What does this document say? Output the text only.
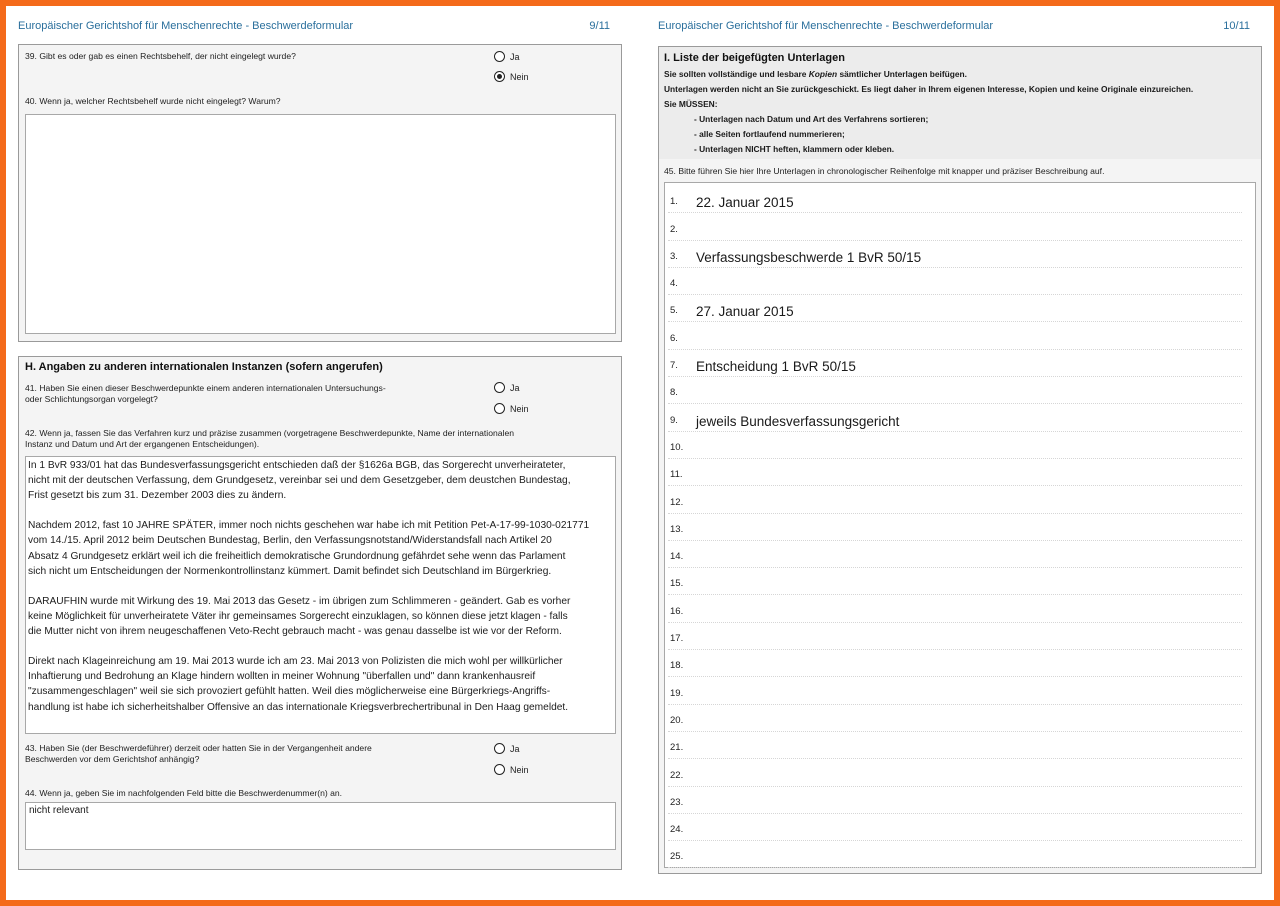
Europäischer Gerichtshof für Menschenrechte - Beschwerdeformular	9/11
39. Gibt es oder gab es einen Rechtsbehelf, der nicht eingelegt wurde?	Ja
Nein
40. Wenn ja, welcher Rechtsbehelf wurde nicht eingelegt? Warum?
H. Angaben zu anderen internationalen Instanzen (sofern angerufen)
41. Haben Sie einen dieser Beschwerdepunkte einem anderen internationalen Untersuchungs-
oder Schlichtungsorgan vorgelegt?
Ja
Nein
42. Wenn ja, fassen Sie das Verfahren kurz und präzise zusammen (vorgetragene Beschwerdepunkte, Name der internationalen
Instanz und Datum und Art der ergangenen Entscheidungen).
In 1 BvR 933/01 hat das Bundesverfassungsgericht entschieden daß der §1626a BGB, das Sorgerecht unverheirateter,
nicht mit der deutschen Verfassung, dem Grundgesetz, vereinbar sei und dem Gesetzgeber, dem deustchen Bundestag,
Frist gesetzt bis zum 31. Dezember 2003 dies zu ändern.

Nachdem 2012, fast 10 JAHRE SPÄTER, immer noch nichts geschehen war habe ich mit Petition Pet-A-17-99-1030-021771
vom 14./15. April 2012 beim Deutschen Bundestag, Berlin, den Verfassungsnotstand/Widerstandsfall nach Artikel 20
Absatz 4 Grundgesetz erklärt weil ich die freiheitlich demokratische Grundordnung gefährdet sehe wenn das Parlament
sich nicht um Entscheidungen der Normenkontrollinstanz kümmert. Damit befindet sich Deutschland im Bürgerkrieg.

DARAUFHIN wurde mit Wirkung des 19. Mai 2013 das Gesetz - im übrigen zum Schlimmeren - geändert. Gab es vorher
keine Möglichkeit für unverheiratete Väter ihr gemeinsames Sorgerecht einzuklagen, so können diese jetzt klagen - falls
die Mutter nicht von ihrem neugeschaffenen Veto-Recht gebrauch macht - was genau dasselbe ist wie vor der Reform.

Direkt nach Klageinreichung am 19. Mai 2013 wurde ich am 23. Mai 2013 von Polizisten die mich wohl per willkürlicher
Inhaftierung und Bedrohung an Klage hindern wollten in meiner Wohnung "überfallen und" dann krankenhausreif
"zusammengeschlagen" weil sie sich provoziert gefühlt hatten. Weil dies möglicherweise eine Bürgerkriegs-Angriffs-
handlung ist habe ich sicherheitshalber Offensive an das internationale Kriegsverbrechertribunal in Den Haag gemeldet.
43. Haben Sie (der Beschwerdeführer) derzeit oder hatten Sie in der Vergangenheit andere
Beschwerden vor dem Gerichtshof anhängig?
Ja
Nein
44. Wenn ja, geben Sie im nachfolgenden Feld bitte die Beschwerdenummer(n) an.
nicht relevant
Europäischer Gerichtshof für Menschenrechte - Beschwerdeformular	10/11
I. Liste der beigefügten Unterlagen
Sie sollten vollständige und lesbare Kopien sämtlicher Unterlagen beifügen.
Unterlagen werden nicht an Sie zurückgeschickt. Es liegt daher in Ihrem eigenen Interesse, Kopien und keine Originale einzureichen.
Sie MÜSSEN:
- Unterlagen nach Datum und Art des Verfahrens sortieren;
- alle Seiten fortlaufend nummerieren;
- Unterlagen NICHT heften, klammern oder kleben.
45. Bitte führen Sie hier Ihre Unterlagen in chronologischer Reihenfolge mit knapper und präziser Beschreibung auf.
1. 22. Januar 2015
2.
3. Verfassungsbeschwerde 1 BvR 50/15
4.
5. 27. Januar 2015
6.
7. Entscheidung 1 BvR 50/15
8.
9. jeweils Bundesverfassungsgericht
10.
11.
12.
13.
14.
15.
16.
17.
18.
19.
20.
21.
22.
23.
24.
25.
